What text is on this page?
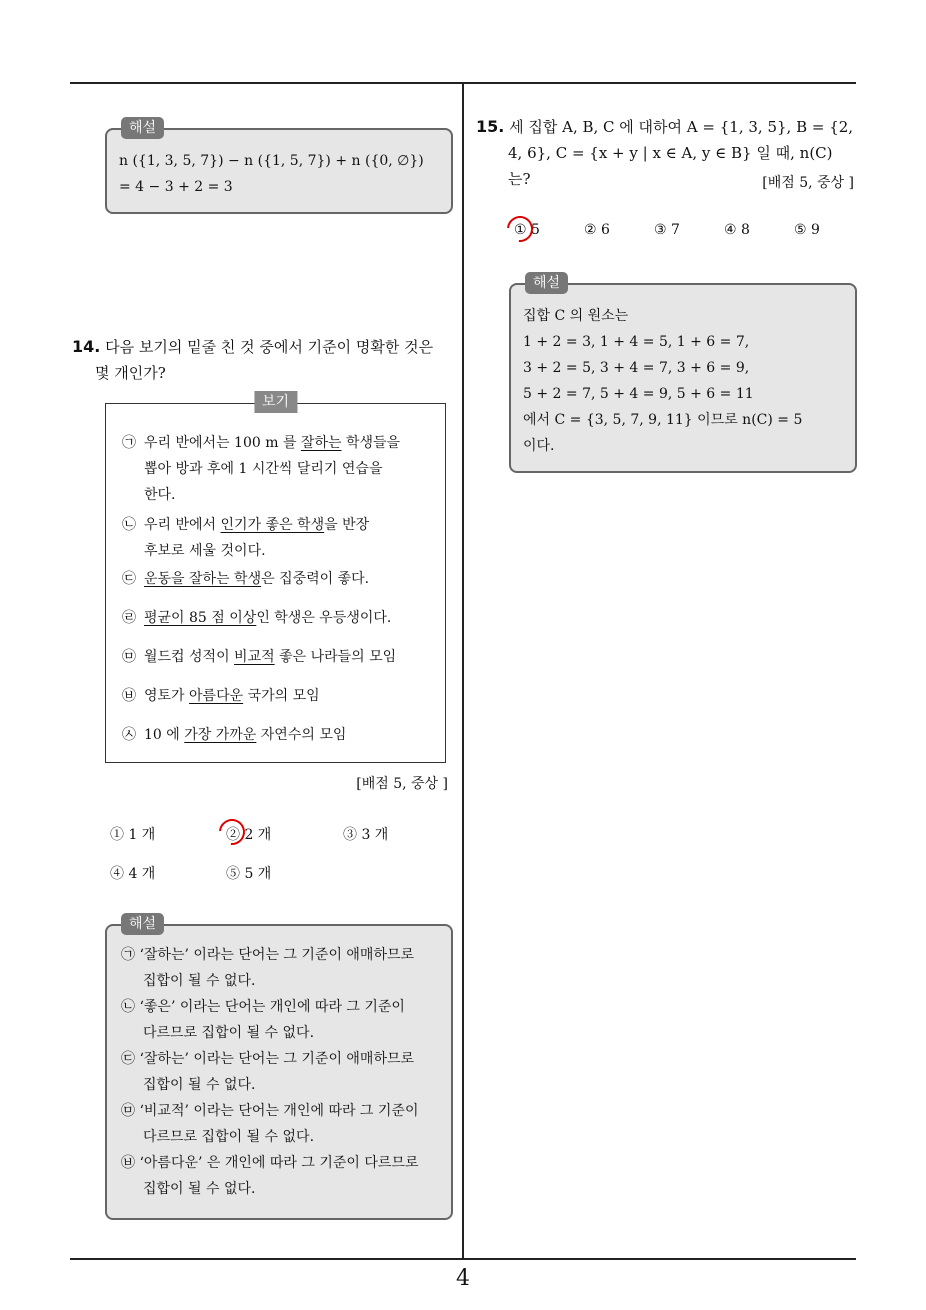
4
해설
n ({1, 3, 5, 7}) − n ({1, 5, 7}) + n ({0, ∅})
= 4 − 3 + 2 = 3
14. 다음 보기의 밑줄 친 것 중에서 기준이 명확한 것은
몇 개인가?
보기
㉠ 우리 반에서는 100 m 를 잘하는 학생들을
뽑아 방과 후에 1 시간씩 달리기 연습을
한다.
㉡ 우리 반에서 인기가 좋은 학생을 반장
후보로 세울 것이다.
㉢ 운동을 잘하는 학생은 집중력이 좋다.
㉣ 평균이 85 점 이상인 학생은 우등생이다.
㉤ 월드컵 성적이 비교적 좋은 나라들의 모임
㉥ 영토가 아름다운 국가의 모임
㉦ 10 에 가장 가까운 자연수의 모임
[배점 5, 중상 ]
① 1 개	② 2 개	③ 3 개
④ 4 개	⑤ 5 개
해설
㉠ ‘잘하는’ 이라는 단어는 그 기준이 애매하므로
집합이 될 수 없다.
㉡ ‘좋은’ 이라는 단어는 개인에 따라 그 기준이
다르므로 집합이 될 수 없다.
㉢ ‘잘하는’ 이라는 단어는 그 기준이 애매하므로
집합이 될 수 없다.
㉤ ‘비교적’ 이라는 단어는 개인에 따라 그 기준이
다르므로 집합이 될 수 없다.
㉥ ‘아름다운’ 은 개인에 따라 그 기준이 다르므로
집합이 될 수 없다.
15. 세 집합 A, B, C 에 대하여 A = {1, 3, 5}, B = {2,
4, 6}, C = {x + y | x ∈ A, y ∈ B} 일 때, n(C) 는?	[배점 5, 중상 ]
① 5	② 6	③ 7	④ 8	⑤ 9
해설
집합 C 의 원소는
1 + 2 = 3, 1 + 4 = 5, 1 + 6 = 7,
3 + 2 = 5, 3 + 4 = 7, 3 + 6 = 9,
5 + 2 = 7, 5 + 4 = 9, 5 + 6 = 11
에서 C = {3, 5, 7, 9, 11} 이므로 n(C) = 5
이다.
